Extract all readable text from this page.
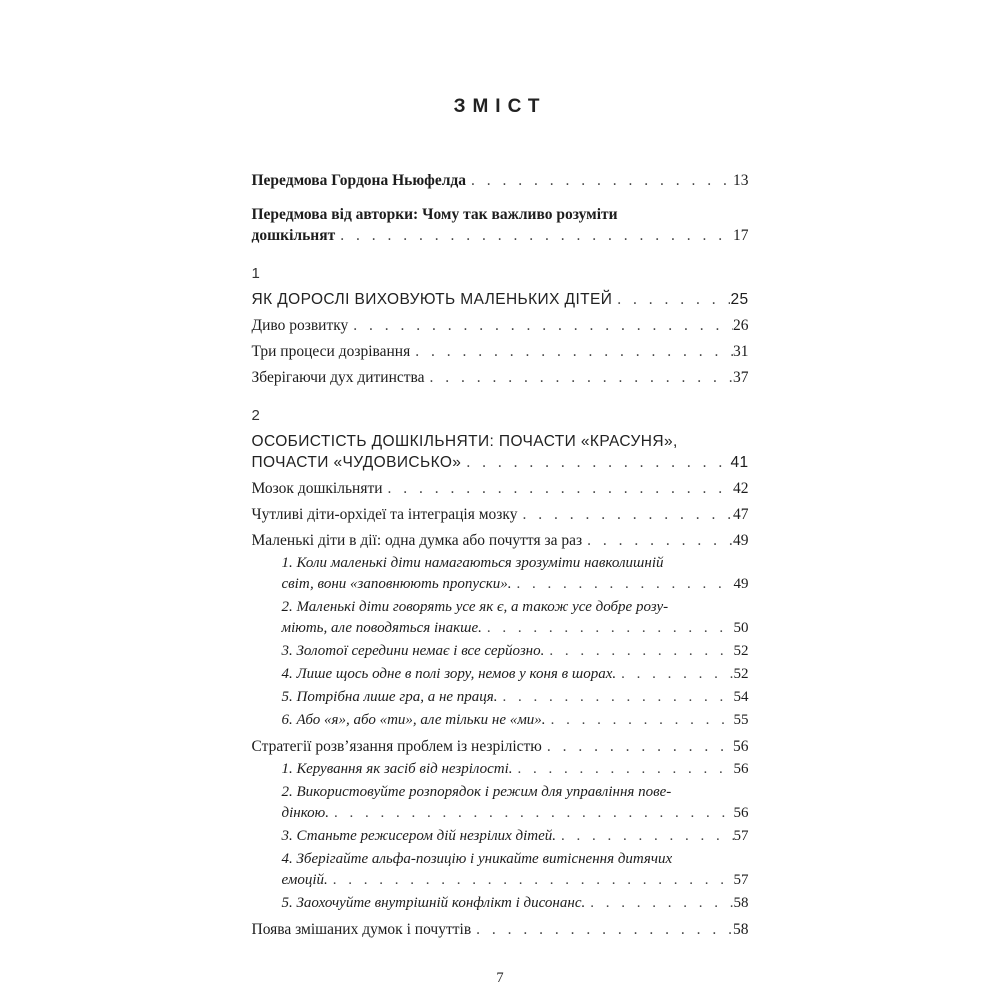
ЗМІСТ
Передмова Гордона Ньюфелда . . .	13
Передмова від авторки: Чому так важливо розуміти
дошкільнят . . .	17
1
ЯК ДОРОСЛІ ВИХОВУЮТЬ МАЛЕНЬКИХ ДІТЕЙ . . .	25
Диво розвитку . . .	26
Три процеси дозрівання . . .	31
Зберігаючи дух дитинства . . .	37
2
ОСОБИСТІСТЬ ДОШКІЛЬНЯТИ: ПОЧАСТИ «КРАСУНЯ»,
ПОЧАСТИ «ЧУДОВИСЬКО» . . .	41
Мозок дошкільняти . . .	42
Чутливі діти-орхідеї та інтеграція мозку . . .	47
Маленькі діти в дії: одна думка або почуття за раз . . .	49
1. Коли маленькі діти намагаються зрозуміти навколишній
світ, вони «заповнюють пропуски». . . .	49
2. Маленькі діти говорять усе як є, а також усе добре розу-
міють, але поводяться інакше. . . .	50
3. Золотої середини немає і все серйозно. . . .	52
4. Лише щось одне в полі зору, немов у коня в шорах. . . .	52
5. Потрібна лише гра, а не праця. . . .	54
6. Або «я», або «ти», але тільки не «ми». . . .	55
Стратегії розв’язання проблем із незрілістю . . .	56
1. Керування як засіб від незрілості. . . .	56
2. Використовуйте розпорядок і режим для управління пове-
дінкою. . . .	56
3. Станьте режисером дій незрілих дітей. . . .	57
4. Зберігайте альфа-позицію і уникайте витіснення дитячих
емоцій. . . .	57
5. Заохочуйте внутрішній конфлікт і дисонанс. . . .	58
Поява змішаних думок і почуттів . . .	58
7
